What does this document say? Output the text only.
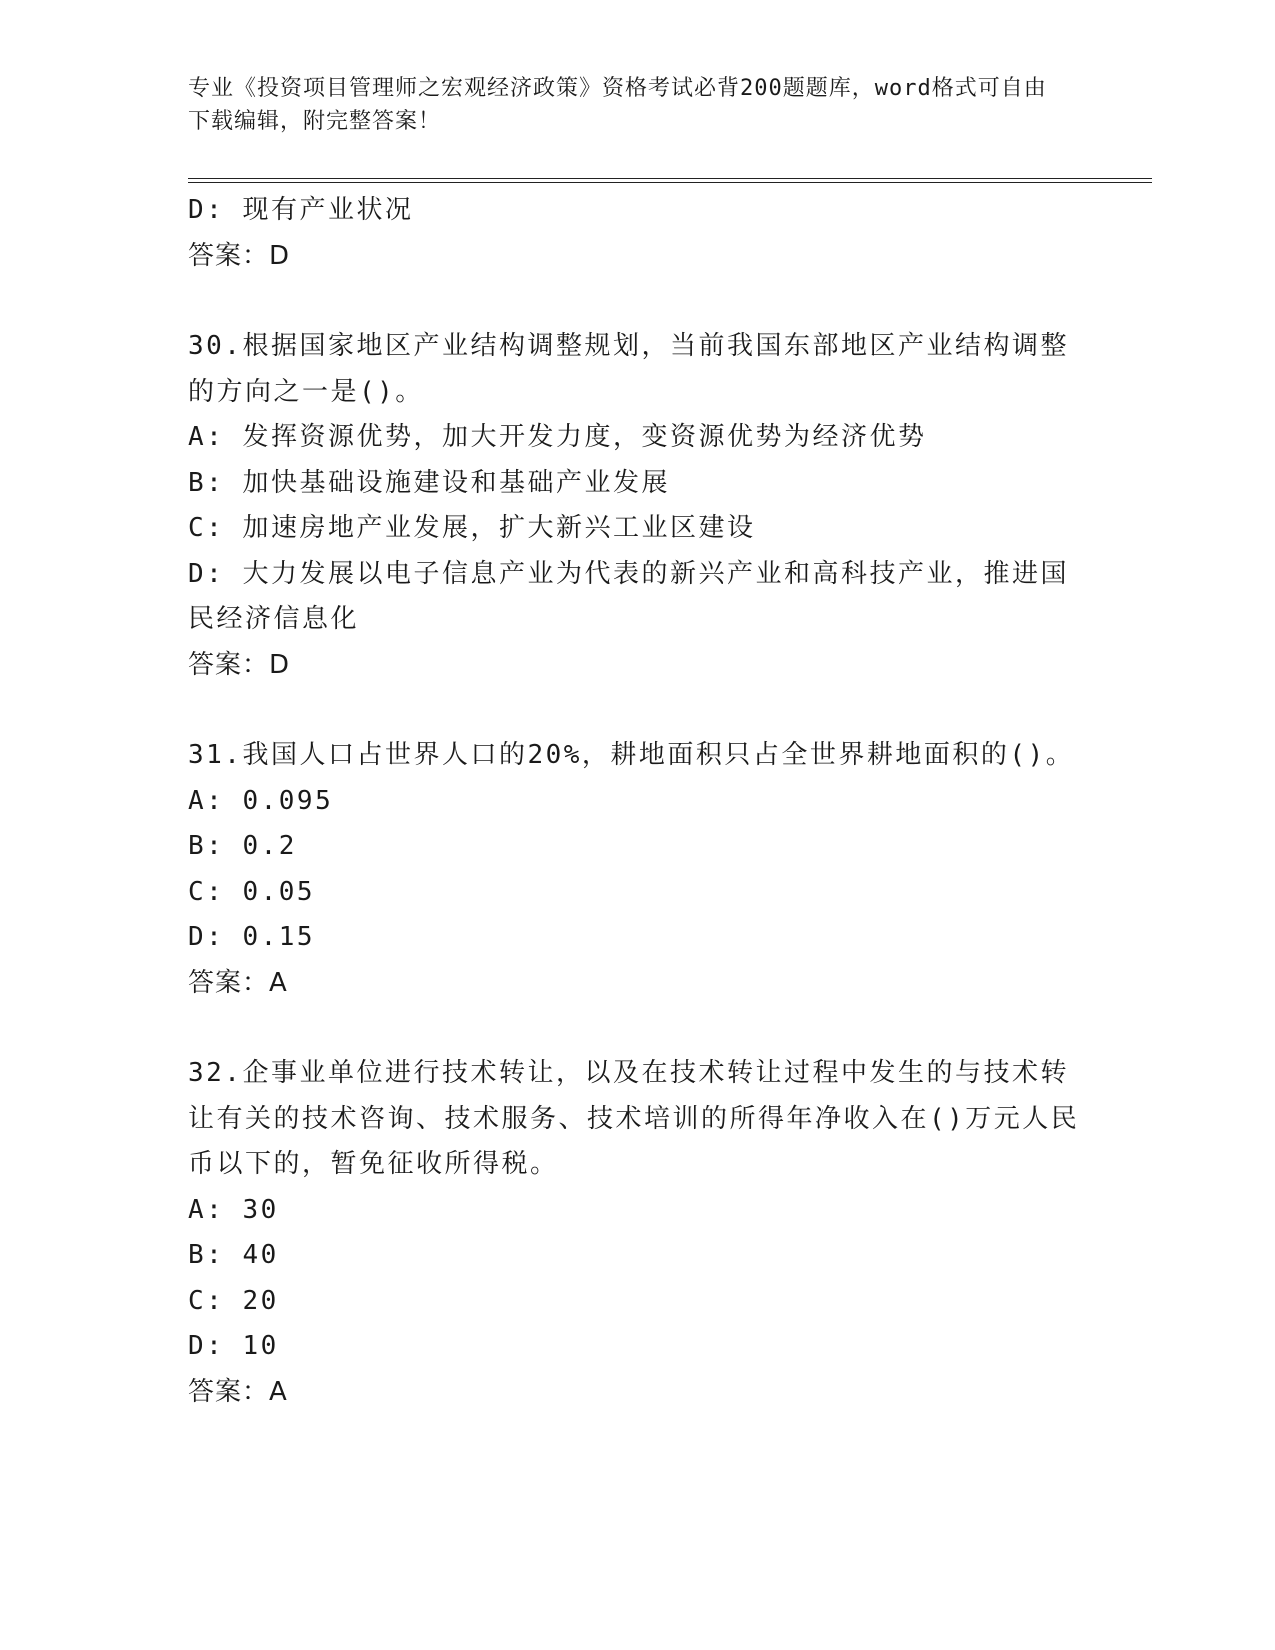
专业《投资项目管理师之宏观经济政策》资格考试必背200题题库，word格式可自由下载编辑，附完整答案！
D: 现有产业状况
答案：D
30.根据国家地区产业结构调整规划，当前我国东部地区产业结构调整的方向之一是()。
A: 发挥资源优势，加大开发力度，变资源优势为经济优势
B: 加快基础设施建设和基础产业发展
C: 加速房地产业发展，扩大新兴工业区建设
D: 大力发展以电子信息产业为代表的新兴产业和高科技产业，推进国民经济信息化
答案：D
31.我国人口占世界人口的20%，耕地面积只占全世界耕地面积的()。
A: 0.095
B: 0.2
C: 0.05
D: 0.15
答案：A
32.企事业单位进行技术转让，以及在技术转让过程中发生的与技术转让有关的技术咨询、技术服务、技术培训的所得年净收入在()万元人民币以下的，暂免征收所得税。
A: 30
B: 40
C: 20
D: 10
答案：A
